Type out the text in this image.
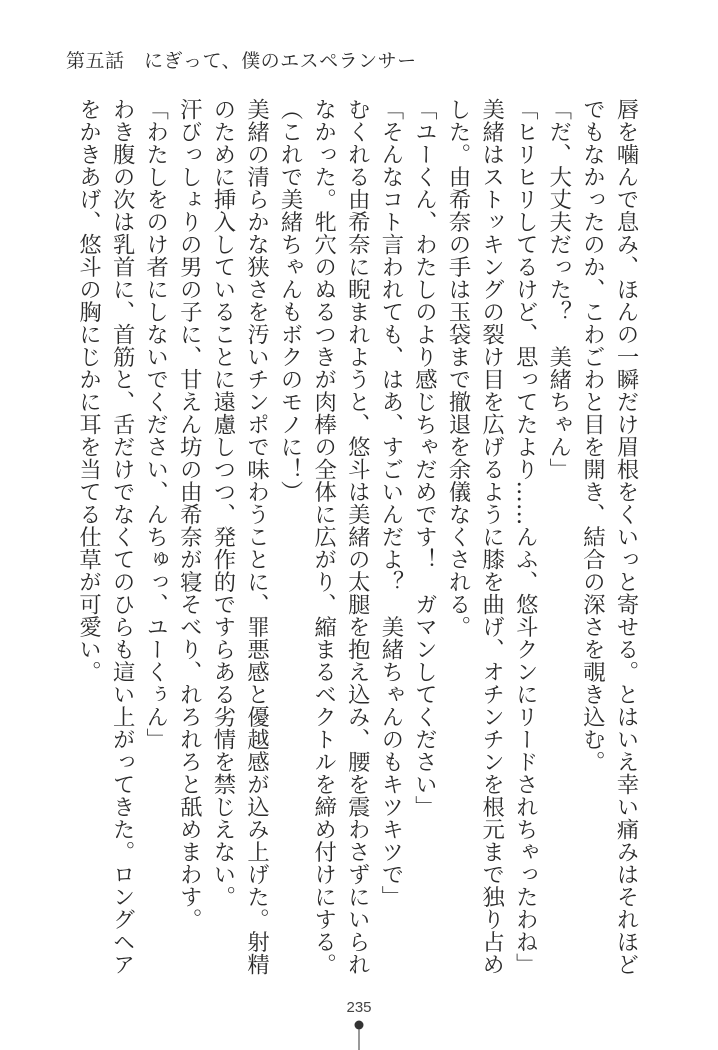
第五話　にぎって、僕のエスペランサー
唇を噛んで息み、ほんの一瞬だけ眉根をくいっと寄せる。とはいえ幸い痛みはそれほど
でもなかったのか、こわごわと目を開き、結合の深さを覗き込む。
「だ、大丈夫だった？　美緒ちゃん」
「ヒリヒリしてるけど、思ってたより……んふ、悠斗クンにリードされちゃったわね」
美緒はストッキングの裂け目を広げるように膝を曲げ、オチンチンを根元まで独り占め
した。由希奈の手は玉袋まで撤退を余儀なくされる。
「ユーくん、わたしのより感じちゃだめです！　ガマンしてください」
「そんなコト言われても、はあ、すごいんだよ？　美緒ちゃんのもキツキツで」
むくれる由希奈に睨まれようと、悠斗は美緒の太腿を抱え込み、腰を震わさずにいられ
なかった。牝穴のぬるつきが肉棒の全体に広がり、縮まるベクトルを締め付けにする。
（これで美緒ちゃんもボクのモノに！）
美緒の清らかな狭さを汚いチンポで味わうことに、罪悪感と優越感が込み上げた。射精
のために挿入していることに遠慮しつつ、発作的ですらある劣情を禁じえない。
汗びっしょりの男の子に、甘えん坊の由希奈が寝そべり、れろれろと舐めまわす。
「わたしをのけ者にしないでください、んちゅっ、ユーくぅん」
わき腹の次は乳首に、首筋と、舌だけでなくてのひらも這い上がってきた。ロングヘア
をかきあげ、悠斗の胸にじかに耳を当てる仕草が可愛い。
235
